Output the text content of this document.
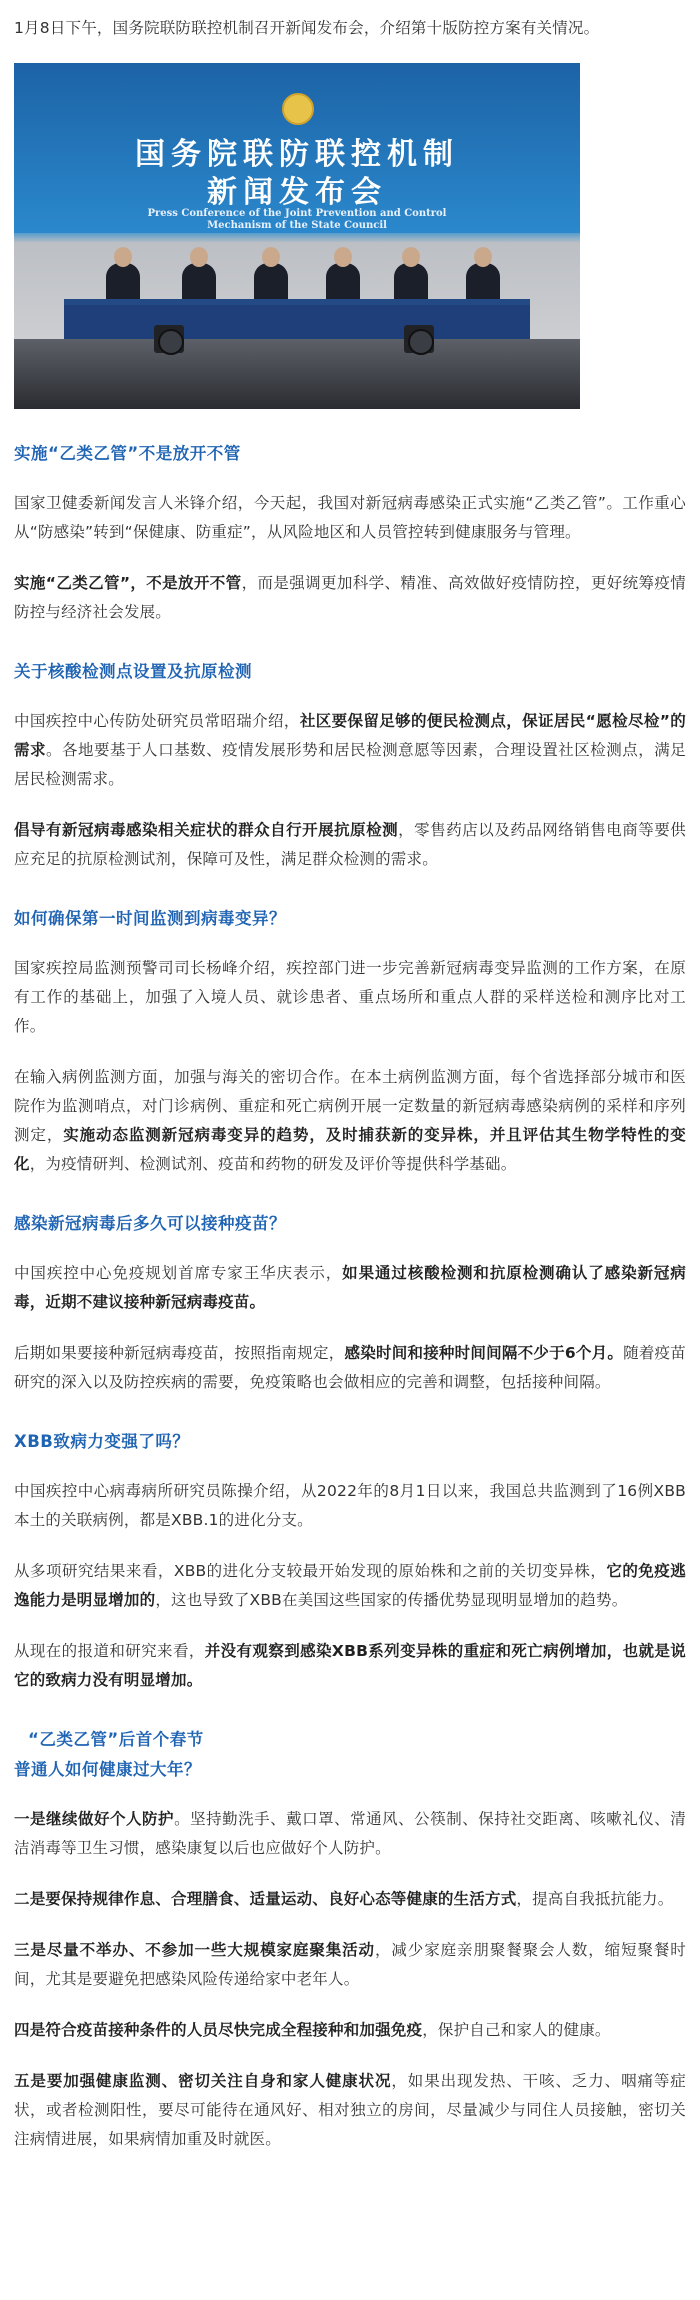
1月8日下午，国务院联防联控机制召开新闻发布会，介绍第十版防控方案有关情况。

国务院联防联控机制
新闻发布会
Press Conference of the Joint Prevention and Control
Mechanism of the State Council
实施“乙类乙管”不是放开不管

国家卫健委新闻发言人米锋介绍，今天起，我国对新冠病毒感染正式实施“乙类乙管”。工作重心从“防感染”转到“保健康、防重症”，从风险地区和人员管控转到健康服务与管理。

实施“乙类乙管”，不是放开不管，而是强调更加科学、精准、高效做好疫情防控，更好统筹疫情防控与经济社会发展。

关于核酸检测点设置及抗原检测

中国疾控中心传防处研究员常昭瑞介绍，社区要保留足够的便民检测点，保证居民“愿检尽检”的需求。各地要基于人口基数、疫情发展形势和居民检测意愿等因素，合理设置社区检测点，满足居民检测需求。

倡导有新冠病毒感染相关症状的群众自行开展抗原检测，零售药店以及药品网络销售电商等要供应充足的抗原检测试剂，保障可及性，满足群众检测的需求。

如何确保第一时间监测到病毒变异？

国家疾控局监测预警司司长杨峰介绍，疾控部门进一步完善新冠病毒变异监测的工作方案，在原有工作的基础上，加强了入境人员、就诊患者、重点场所和重点人群的采样送检和测序比对工作。

在输入病例监测方面，加强与海关的密切合作。在本土病例监测方面，每个省选择部分城市和医院作为监测哨点，对门诊病例、重症和死亡病例开展一定数量的新冠病毒感染病例的采样和序列测定，实施动态监测新冠病毒变异的趋势，及时捕获新的变异株，并且评估其生物学特性的变化，为疫情研判、检测试剂、疫苗和药物的研发及评价等提供科学基础。

感染新冠病毒后多久可以接种疫苗？

中国疾控中心免疫规划首席专家王华庆表示，如果通过核酸检测和抗原检测确认了感染新冠病毒，近期不建议接种新冠病毒疫苗。

后期如果要接种新冠病毒疫苗，按照指南规定，感染时间和接种时间间隔不少于6个月。随着疫苗研究的深入以及防控疾病的需要，免疫策略也会做相应的完善和调整，包括接种间隔。

XBB致病力变强了吗？

中国疾控中心病毒病所研究员陈操介绍，从2022年的8月1日以来，我国总共监测到了16例XBB本土的关联病例，都是XBB.1的进化分支。

从多项研究结果来看，XBB的进化分支较最开始发现的原始株和之前的关切变异株，它的免疫逃逸能力是明显增加的，这也导致了XBB在美国这些国家的传播优势显现明显增加的趋势。

从现在的报道和研究来看，并没有观察到感染XBB系列变异株的重症和死亡病例增加，也就是说它的致病力没有明显增加。

“乙类乙管”后首个春节
普通人如何健康过大年？

一是继续做好个人防护。坚持勤洗手、戴口罩、常通风、公筷制、保持社交距离、咳嗽礼仪、清洁消毒等卫生习惯，感染康复以后也应做好个人防护。

二是要保持规律作息、合理膳食、适量运动、良好心态等健康的生活方式，提高自我抵抗能力。

三是尽量不举办、不参加一些大规模家庭聚集活动，减少家庭亲朋聚餐聚会人数，缩短聚餐时间，尤其是要避免把感染风险传递给家中老年人。

四是符合疫苗接种条件的人员尽快完成全程接种和加强免疫，保护自己和家人的健康。

五是要加强健康监测、密切关注自身和家人健康状况，如果出现发热、干咳、乏力、咽痛等症状，或者检测阳性，要尽可能待在通风好、相对独立的房间，尽量减少与同住人员接触，密切关注病情进展，如果病情加重及时就医。
